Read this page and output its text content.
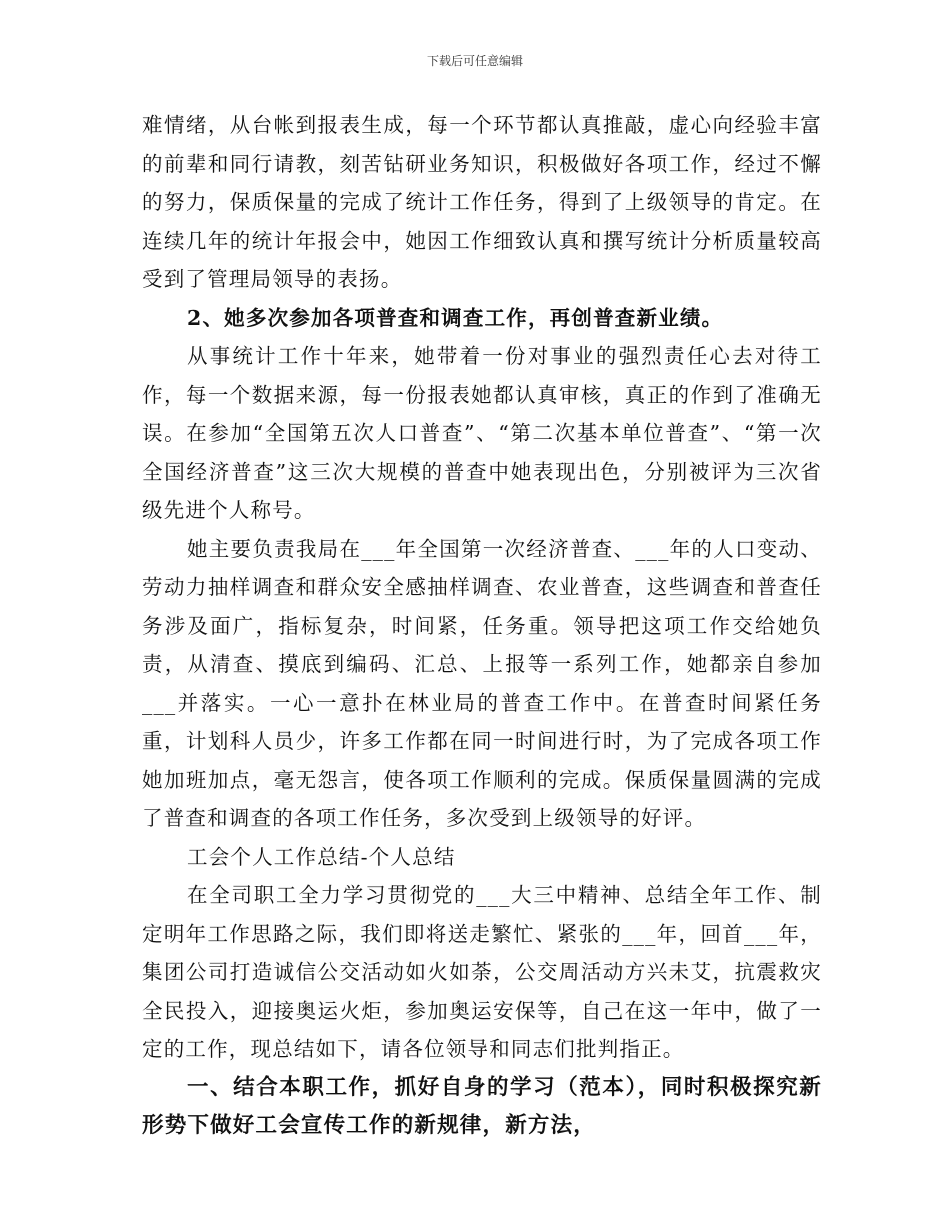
下载后可任意编辑

难情绪，从台帐到报表生成，每一个环节都认真推敲，虚心向经验丰富的前辈和同行请教，刻苦钻研业务知识，积极做好各项工作，经过不懈的努力，保质保量的完成了统计工作任务，得到了上级领导的肯定。在连续几年的统计年报会中，她因工作细致认真和撰写统计分析质量较高受到了管理局领导的表扬。

2、她多次参加各项普查和调查工作，再创普查新业绩。

从事统计工作十年来，她带着一份对事业的强烈责任心去对待工作，每一个数据来源，每一份报表她都认真审核，真正的作到了准确无误。在参加“全国第五次人口普查”、“第二次基本单位普查”、“第一次全国经济普查”这三次大规模的普查中她表现出色，分别被评为三次省级先进个人称号。

她主要负责我局在___年全国第一次经济普查、___年的人口变动、劳动力抽样调查和群众安全感抽样调查、农业普查，这些调查和普查任务涉及面广，指标复杂，时间紧，任务重。领导把这项工作交给她负责，从清查、摸底到编码、汇总、上报等一系列工作，她都亲自参加___并落实。一心一意扑在林业局的普查工作中。在普查时间紧任务重，计划科人员少，许多工作都在同一时间进行时，为了完成各项工作她加班加点，毫无怨言，使各项工作顺利的完成。保质保量圆满的完成了普查和调查的各项工作任务，多次受到上级领导的好评。

工会个人工作总结-个人总结

在全司职工全力学习贯彻党的___大三中精神、总结全年工作、制定明年工作思路之际，我们即将送走繁忙、紧张的___年，回首___年，集团公司打造诚信公交活动如火如荼，公交周活动方兴未艾，抗震救灾全民投入，迎接奥运火炬，参加奥运安保等，自己在这一年中，做了一定的工作，现总结如下，请各位领导和同志们批判指正。

一、结合本职工作，抓好自身的学习（范本），同时积极探究新形势下做好工会宣传工作的新规律，新方法，
